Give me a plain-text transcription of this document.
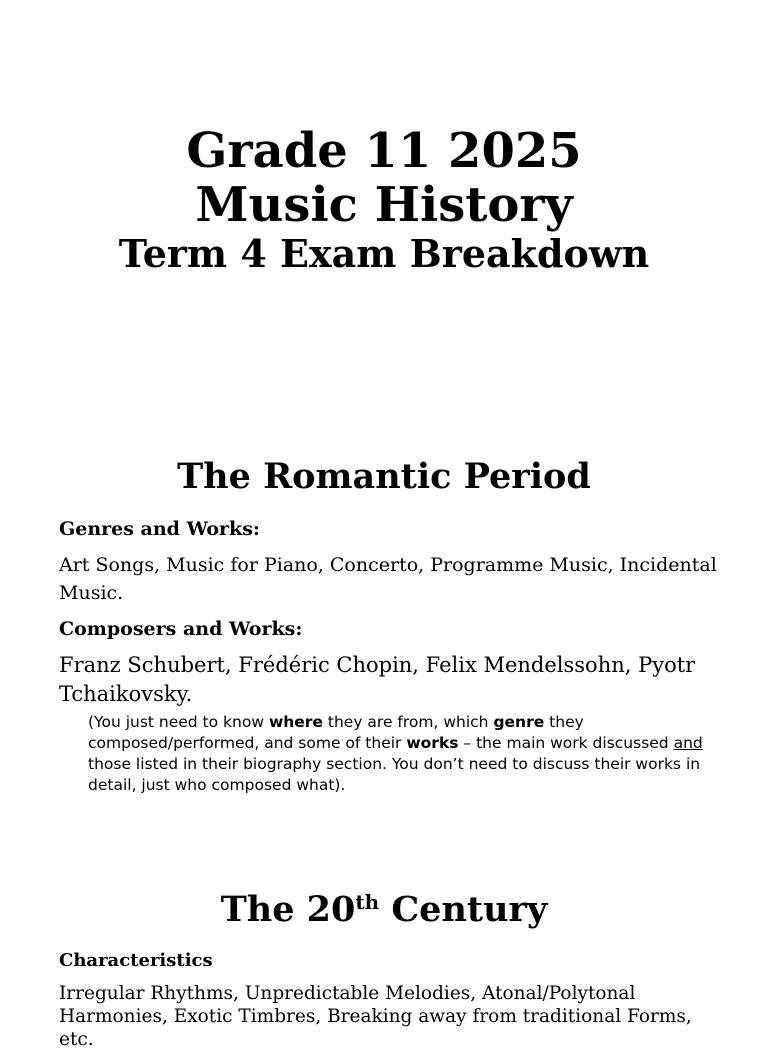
Grade 11 2025

Music History

Term 4 Exam Breakdown

The Romantic Period

Genres and Works:

Art Songs, Music for Piano, Concerto, Programme Music, Incidental Music.

Composers and Works:

Franz Schubert, Frédéric Chopin, Felix Mendelssohn, Pyotr Tchaikovsky.

(You just need to know where they are from, which genre they composed/performed, and some of their works – the main work discussed and those listed in their biography section. You don’t need to discuss their works in detail, just who composed what).

The 20th Century

Characteristics

Irregular Rhythms, Unpredictable Melodies, Atonal/Polytonal Harmonies, Exotic Timbres, Breaking away from traditional Forms, etc.
